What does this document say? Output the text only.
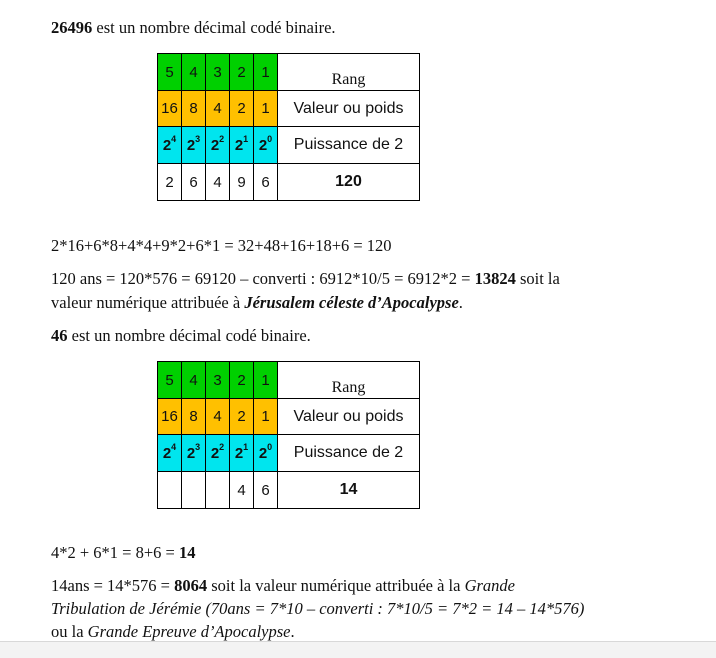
26496 est un nombre décimal codé binaire.
5	4	3	2	1	Rang
16	8	4	2	1	Valeur ou poids
$2^4$	$2^3$	$2^2$	$2^1$	$2^0$	Puissance de 2
2	6	4	9	6	120
2*16+6*8+4*4+9*2+6*1 = 32+48+16+18+6 = 120
120 ans = 120*576 = 69120 – converti : 6912*10/5 = 6912*2 = 13824 soit la
valeur numérique attribuée à Jérusalem céleste d’Apocalypse.
46 est un nombre décimal codé binaire.
5	4	3	2	1	Rang
16	8	4	2	1	Valeur ou poids
$2^4$	$2^3$	$2^2$	$2^1$	$2^0$	Puissance de 2
			4	6	14
4*2 + 6*1 = 8+6 = 14
14ans = 14*576 = 8064 soit la valeur numérique attribuée à la Grande
Tribulation de Jérémie (70ans = 7*10 – converti : 7*10/5 = 7*2 = 14 – 14*576)
ou la Grande Epreuve d’Apocalypse.
